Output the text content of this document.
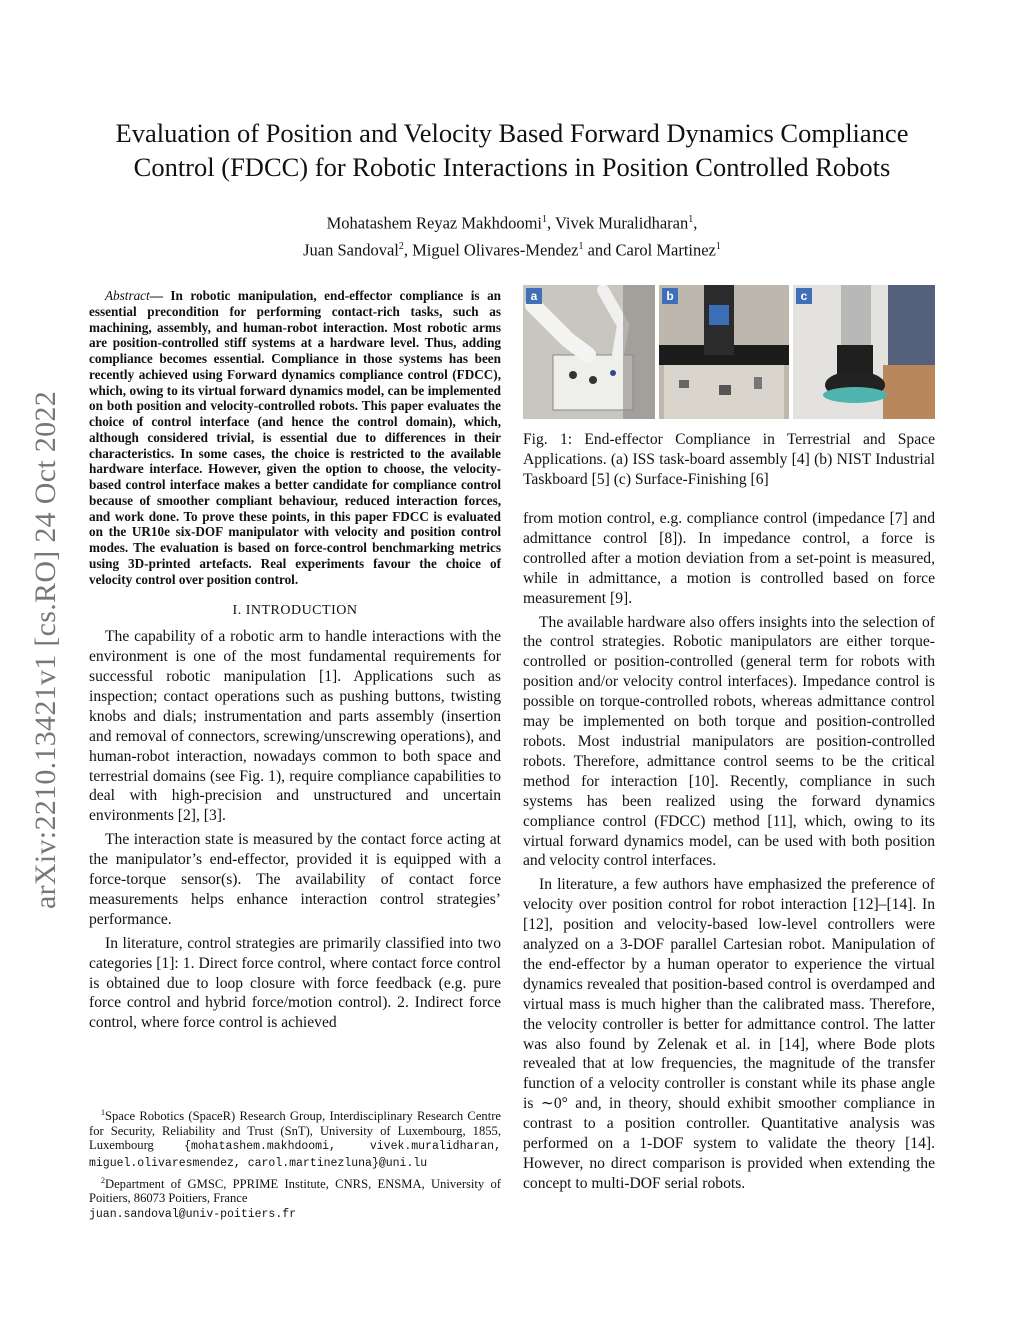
arXiv:2210.13421v1 [cs.RO] 24 Oct 2022
Evaluation of Position and Velocity Based Forward Dynamics Compliance Control (FDCC) for Robotic Interactions in Position Controlled Robots
Mohatashem Reyaz Makhdoomi$^1$, Vivek Muralidharan$^1$,
Juan Sandoval$^2$, Miguel Olivares-Mendez$^1$ and Carol Martinez$^1$

Abstract— In robotic manipulation, end-effector compliance is an essential precondition for performing contact-rich tasks, such as machining, assembly, and human-robot interaction. Most robotic arms are position-controlled stiff systems at a hardware level. Thus, adding compliance becomes essential. Compliance in those systems has been recently achieved using Forward dynamics compliance control (FDCC), which, owing to its virtual forward dynamics model, can be implemented on both position and velocity-controlled robots. This paper evaluates the choice of control interface (and hence the control domain), which, although considered trivial, is essential due to differences in their characteristics. In some cases, the choice is restricted to the available hardware interface. However, given the option to choose, the velocity-based control interface makes a better candidate for compliance control because of smoother compliant behaviour, reduced interaction forces, and work done. To prove these points, in this paper FDCC is evaluated on the UR10e six-DOF manipulator with velocity and position control modes. The evaluation is based on force-control benchmarking metrics using 3D-printed artefacts. Real experiments favour the choice of velocity control over position control.

I. INTRODUCTION

The capability of a robotic arm to handle interactions with the environment is one of the most fundamental requirements for successful robotic manipulation [1]. Applications such as inspection; contact operations such as pushing buttons, twisting knobs and dials; instrumentation and parts assembly (insertion and removal of connectors, screwing/unscrewing operations), and human-robot interaction, nowadays common to both space and terrestrial domains (see Fig. 1), require compliance capabilities to deal with high-precision and unstructured and uncertain environments [2], [3].

The interaction state is measured by the contact force acting at the manipulator’s end-effector, provided it is equipped with a force-torque sensor(s). The availability of contact force measurements helps enhance interaction control strategies’ performance.

In literature, control strategies are primarily classified into two categories [1]: 1. Direct force control, where contact force control is obtained due to loop closure with force feedback (e.g. pure force control and hybrid force/motion control). 2. Indirect force control, where force control is achieved

$^1$Space Robotics (SpaceR) Research Group, Interdisciplinary Research Centre for Security, Reliability and Trust (SnT), University of Luxembourg, 1855, Luxembourg {mohatashem.makhdoomi, vivek.muralidharan, miguel.olivaresmendez, carol.martinezluna}@uni.lu

$^2$Department of GMSC, PPRIME Institute, CNRS, ENSMA, University of Poitiers, 86073 Poitiers, France
juan.sandoval@univ-poitiers.fr

a	b	c
Fig. 1: End-effector Compliance in Terrestrial and Space Applications. (a) ISS task-board assembly [4] (b) NIST Industrial Taskboard [5] (c) Surface-Finishing [6]

from motion control, e.g. compliance control (impedance [7] and admittance control [8]). In impedance control, a force is controlled after a motion deviation from a set-point is measured, while in admittance, a motion is controlled based on force measurement [9].

The available hardware also offers insights into the selection of the control strategies. Robotic manipulators are either torque-controlled or position-controlled (general term for robots with position and/or velocity control interfaces). Impedance control is possible on torque-controlled robots, whereas admittance control may be implemented on both torque and position-controlled robots. Most industrial manipulators are position-controlled robots. Therefore, admittance control seems to be the critical method for interaction [10]. Recently, compliance in such systems has been realized using the forward dynamics compliance control (FDCC) method [11], which, owing to its virtual forward dynamics model, can be used with both position and velocity control interfaces.

In literature, a few authors have emphasized the preference of velocity over position control for robot interaction [12]–[14]. In [12], position and velocity-based low-level controllers were analyzed on a 3-DOF parallel Cartesian robot. Manipulation of the end-effector by a human operator to experience the virtual dynamics revealed that position-based control is overdamped and virtual mass is much higher than the calibrated mass. Therefore, the velocity controller is better for admittance control. The latter was also found by Zelenak et al. in [14], where Bode plots revealed that at low frequencies, the magnitude of the transfer function of a velocity controller is constant while its phase angle is ∼0° and, in theory, should exhibit smoother compliance in contrast to a position controller. Quantitative analysis was performed on a 1-DOF system to validate the theory [14]. However, no direct comparison is provided when extending the concept to multi-DOF serial robots.
